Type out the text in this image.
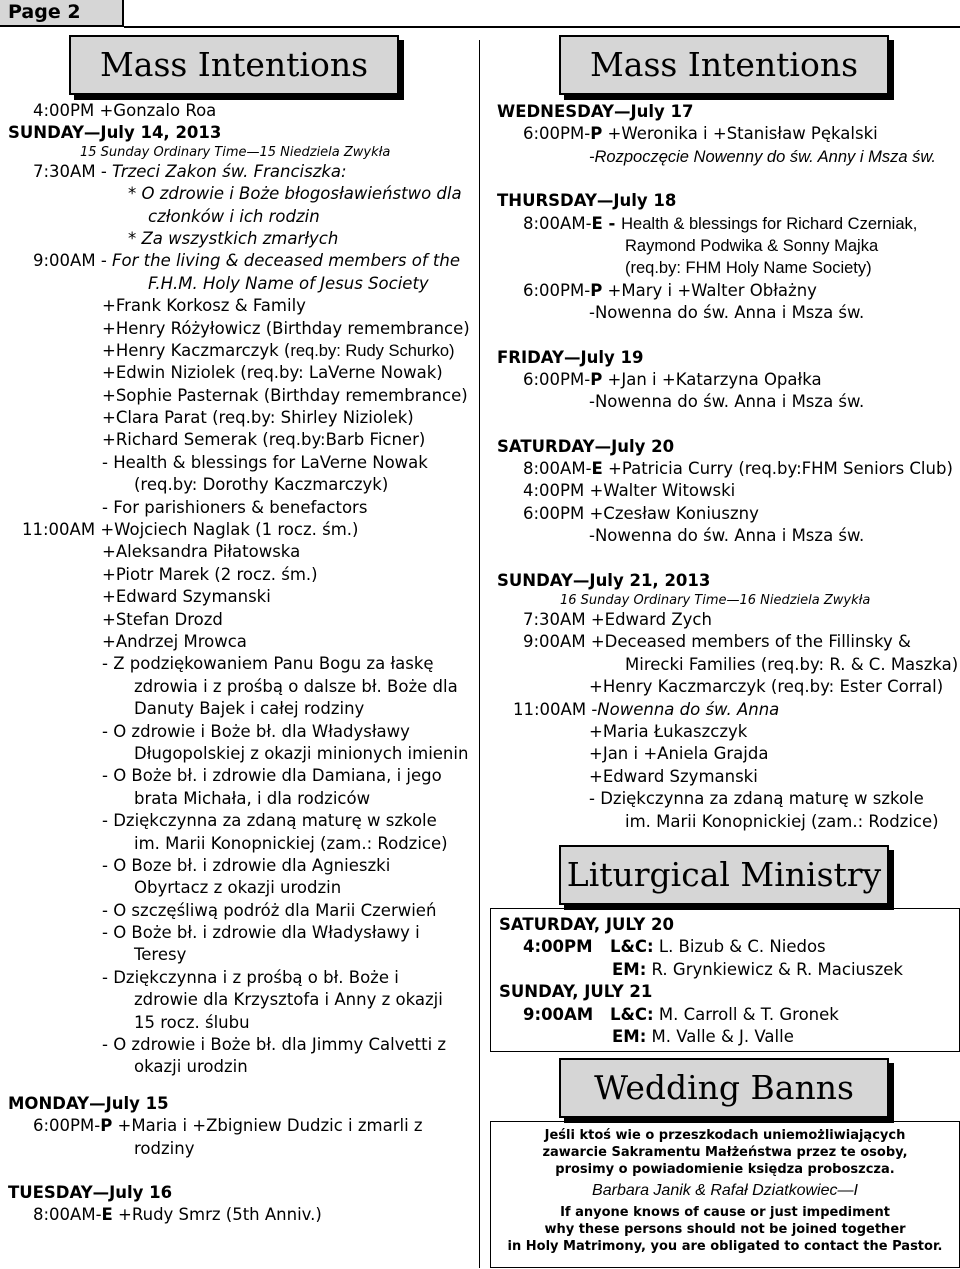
Page 2
Mass Intentions	Mass Intentions
Liturgical Ministry
Wedding Banns
4:00PM +Gonzalo Roa
SUNDAY—July 14, 2013
15 Sunday Ordinary Time—15 Niedziela Zwykła
7:30AM - Trzeci Zakon św. Franciszka:
* O zdrowie i Boże błogosławieństwo dla
członków i ich rodzin
* Za wszystkich zmarłych
9:00AM - For the living & deceased members of the
F.H.M. Holy Name of Jesus Society
+Frank Korkosz & Family
+Henry Różyłowicz (Birthday remembrance)
+Henry Kaczmarczyk (req.by: Rudy Schurko)
+Edwin Niziolek (req.by: LaVerne Nowak)
+Sophie Pasternak (Birthday remembrance)
+Clara Parat (req.by: Shirley Niziolek)
+Richard Semerak (req.by:Barb Ficner)
- Health & blessings for LaVerne Nowak
(req.by: Dorothy Kaczmarczyk)
- For parishioners & benefactors
11:00AM +Wojciech Naglak (1 rocz. śm.)
+Aleksandra Piłatowska
+Piotr Marek (2 rocz. śm.)
+Edward Szymanski
+Stefan Drozd
+Andrzej Mrowca
- Z podziękowaniem Panu Bogu za łaskę
zdrowia i z prośbą o dalsze bł. Boże dla
Danuty Bajek i całej rodziny
- O zdrowie i Boże bł. dla Władysławy
Długopolskiej z okazji minionych imienin
- O Boże bł. i zdrowie dla Damiana, i jego
brata Michała, i dla rodziców
- Dziękczynna za zdaną maturę w szkole
im. Marii Konopnickiej (zam.: Rodzice)
- O Boze bł. i zdrowie dla Agnieszki
Obyrtacz z okazji urodzin
- O szczęśliwą podróż dla Marii Czerwień
- O Boże bł. i zdrowie dla Władysławy i
Teresy
- Dziękczynna i z prośbą o bł. Boże i
zdrowie dla Krzysztofa i Anny z okazji
15 rocz. ślubu
- O zdrowie i Boże bł. dla Jimmy Calvetti z
okazji urodzin
MONDAY—July 15
6:00PM-P +Maria i +Zbigniew Dudzic i zmarli z
rodziny
TUESDAY—July 16
8:00AM-E +Rudy Smrz (5th Anniv.)
WEDNESDAY—July 17
6:00PM-P +Weronika i +Stanisław Pękalski
-Rozpoczęcie Nowenny do św. Anny i Msza św.
THURSDAY—July 18
8:00AM-E - Health & blessings for Richard Czerniak,
Raymond Podwika & Sonny Majka
(req.by: FHM Holy Name Society)
6:00PM-P +Mary i +Walter Obłażny
-Nowenna do św. Anna i Msza św.
FRIDAY—July 19
6:00PM-P +Jan i +Katarzyna Opałka
-Nowenna do św. Anna i Msza św.
SATURDAY—July 20
8:00AM-E +Patricia Curry (req.by:FHM Seniors Club)
4:00PM +Walter Witowski
6:00PM +Czesław Koniuszny
-Nowenna do św. Anna i Msza św.
SUNDAY—July 21, 2013
16 Sunday Ordinary Time—16 Niedziela Zwykła
7:30AM +Edward Zych
9:00AM +Deceased members of the Fillinsky &
Mirecki Families (req.by: R. & C. Maszka)
+Henry Kaczmarczyk (req.by: Ester Corral)
11:00AM -Nowenna do św. Anna
+Maria Łukaszczyk
+Jan i +Aniela Grajda
+Edward Szymanski
- Dziękczynna za zdaną maturę w szkole
im. Marii Konopnickiej (zam.: Rodzice)
SATURDAY, JULY 20
4:00PM L&C: L. Bizub & C. Niedos
EM: R. Grynkiewicz & R. Maciuszek
SUNDAY, JULY 21
9:00AM L&C: M. Carroll & T. Gronek
EM: M. Valle & J. Valle
Jeśli ktoś wie o przeszkodach uniemożliwiających
zawarcie Sakramentu Małżeństwa przez te osoby,
prosimy o powiadomienie księdza proboszcza.
Barbara Janik & Rafał Dziatkowiec—I
If anyone knows of cause or just impediment
why these persons should not be joined together
in Holy Matrimony, you are obligated to contact the Pastor.
